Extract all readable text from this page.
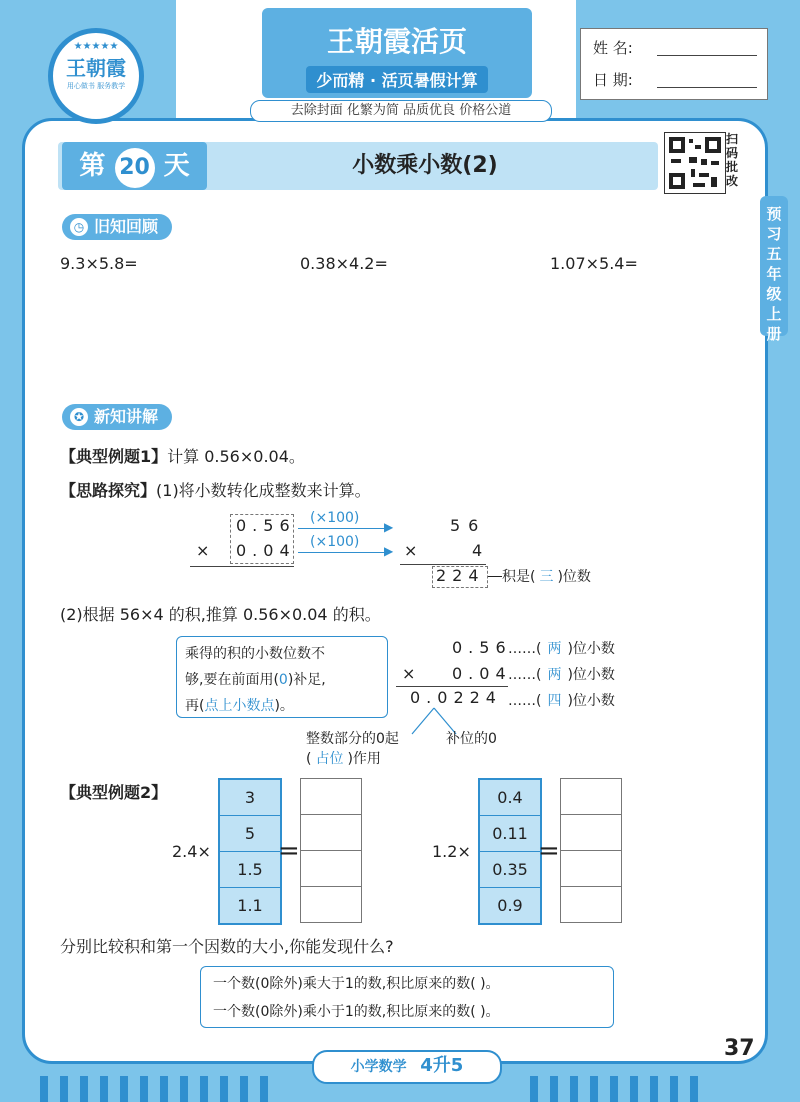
★★★★★
王朝霞
用心做书 服务教学
王朝霞活页
少而精 · 活页暑假计算
姓 名:
日 期:
去除封面 化繁为简 品质优良 价格公道
第 20 天	小数乘小数(2)
扫码批改
预习五年级上册
◷ 旧知回顾
9.3×5.8=	0.38×4.2=	1.07×5.4=
✪ 新知讲解
【典型例题1】计算 0.56×0.04。
【思路探究】(1)将小数转化成整数来计算。
0.56
× 0.04
(×100)
▶
(×100)
▶
56
×	4
224 积是( 三 )位数
(2)根据 56×4 的积,推算 0.56×0.04 的积。
乘得的积的小数位数不
够,要在前面用(0)补足,
再(点上小数点)。
0.56
× 0.04
0.0224
……( 两 )位小数
……( 两 )位小数
……( 四 )位小数
整数部分的0起
( 占位 )作用
补位的0
【典型例题2】
2.4×
3
5
1.5
1.1
=	1.2×
0.4
0.11
0.35
0.9
=
分别比较积和第一个因数的大小,你能发现什么?
一个数(0除外)乘大于1的数,积比原来的数( )。
一个数(0除外)乘小于1的数,积比原来的数( )。
小学数学 4升5
37
